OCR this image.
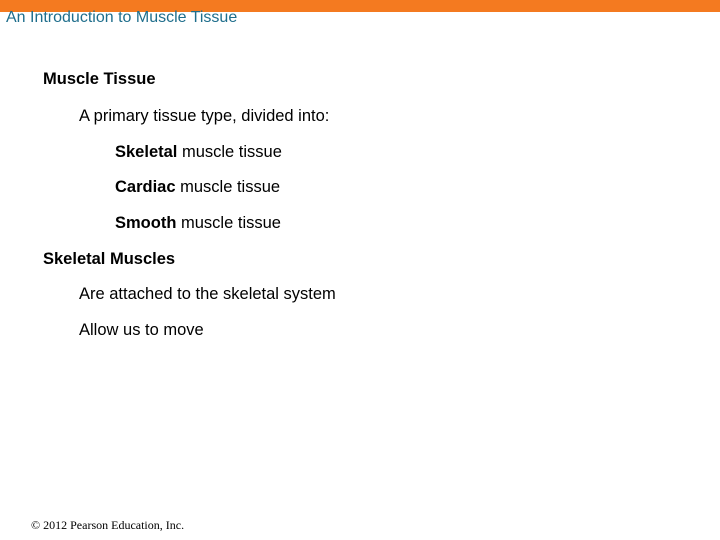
An Introduction to Muscle Tissue
Muscle Tissue
A primary tissue type, divided into:
Skeletal muscle tissue
Cardiac muscle tissue
Smooth muscle tissue
Skeletal Muscles
Are attached to the skeletal system
Allow us to move
© 2012 Pearson Education, Inc.
